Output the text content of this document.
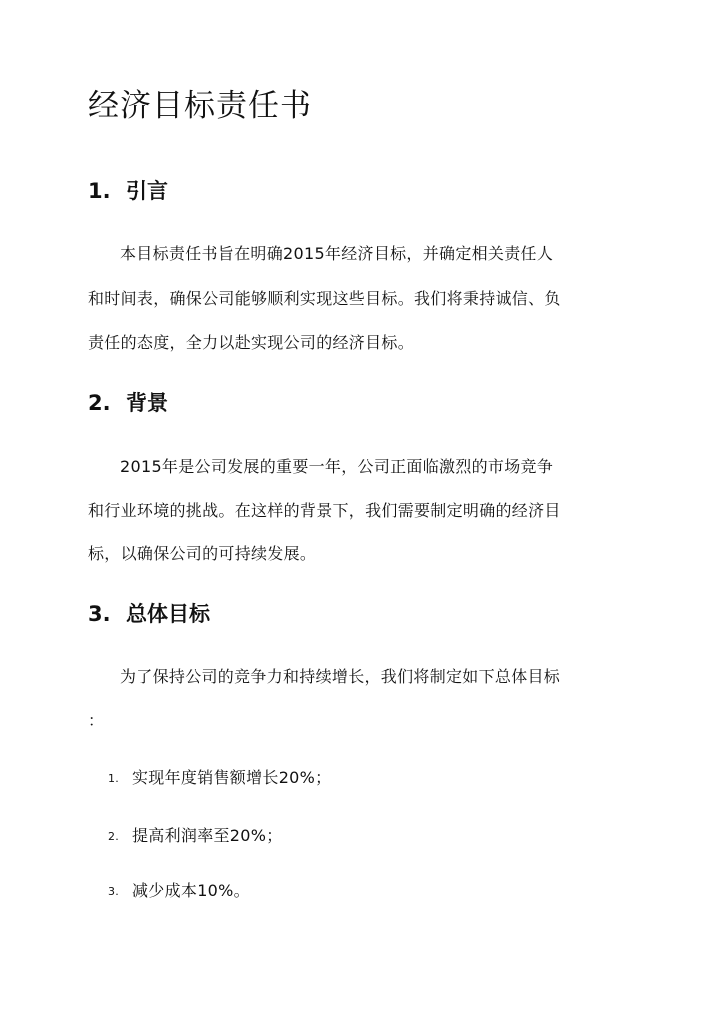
经济目标责任书
1. 引言

本目标责任书旨在明确2015年经济目标，并确定相关责任人

和时间表，确保公司能够顺利实现这些目标。我们将秉持诚信、负

责任的态度，全力以赴实现公司的经济目标。

2. 背景

2015年是公司发展的重要一年，公司正面临激烈的市场竞争

和行业环境的挑战。在这样的背景下，我们需要制定明确的经济目

标，以确保公司的可持续发展。

3. 总体目标

为了保持公司的竞争力和持续增长，我们将制定如下总体目标

：

1. 实现年度销售额增长20%；

2. 提高利润率至20%；

3. 减少成本10%。
